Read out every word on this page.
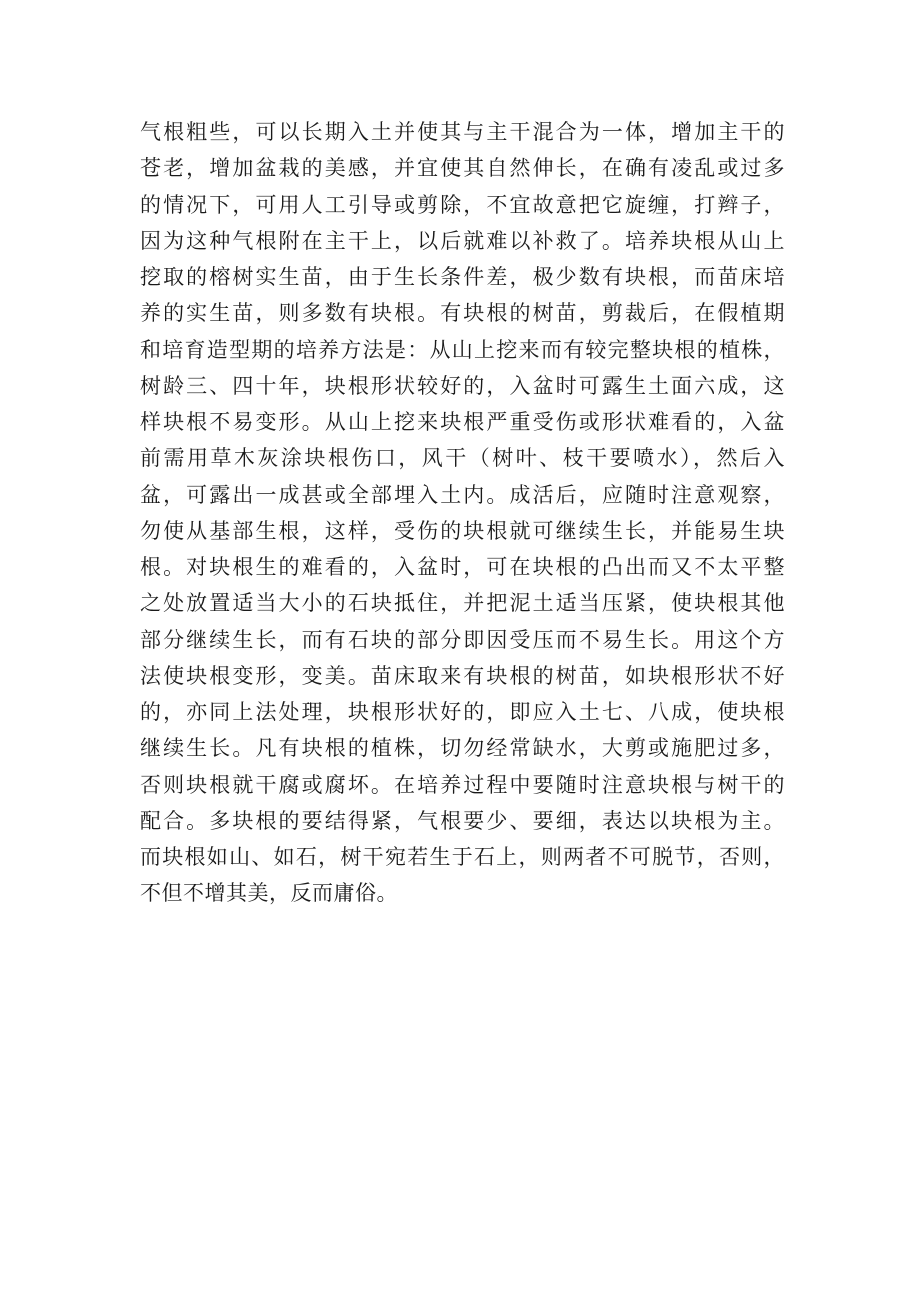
气根粗些，可以长期入土并使其与主干混合为一体，增加主干的
苍老，增加盆栽的美感，并宜使其自然伸长，在确有凌乱或过多
的情况下，可用人工引导或剪除，不宜故意把它旋缠，打辫子，
因为这种气根附在主干上，以后就难以补救了。培养块根从山上
挖取的榕树实生苗，由于生长条件差，极少数有块根，而苗床培
养的实生苗，则多数有块根。有块根的树苗，剪裁后，在假植期
和培育造型期的培养方法是：从山上挖来而有较完整块根的植株，
树龄三、四十年，块根形状较好的，入盆时可露生土面六成，这
样块根不易变形。从山上挖来块根严重受伤或形状难看的，入盆
前需用草木灰涂块根伤口，风干（树叶、枝干要喷水），然后入
盆，可露出一成甚或全部埋入土内。成活后，应随时注意观察，
勿使从基部生根，这样，受伤的块根就可继续生长，并能易生块
根。对块根生的难看的，入盆时，可在块根的凸出而又不太平整
之处放置适当大小的石块抵住，并把泥土适当压紧，使块根其他
部分继续生长，而有石块的部分即因受压而不易生长。用这个方
法使块根变形，变美。苗床取来有块根的树苗，如块根形状不好
的，亦同上法处理，块根形状好的，即应入土七、八成，使块根
继续生长。凡有块根的植株，切勿经常缺水，大剪或施肥过多，
否则块根就干腐或腐坏。在培养过程中要随时注意块根与树干的
配合。多块根的要结得紧，气根要少、要细，表达以块根为主。
而块根如山、如石，树干宛若生于石上，则两者不可脱节，否则，
不但不增其美，反而庸俗。
